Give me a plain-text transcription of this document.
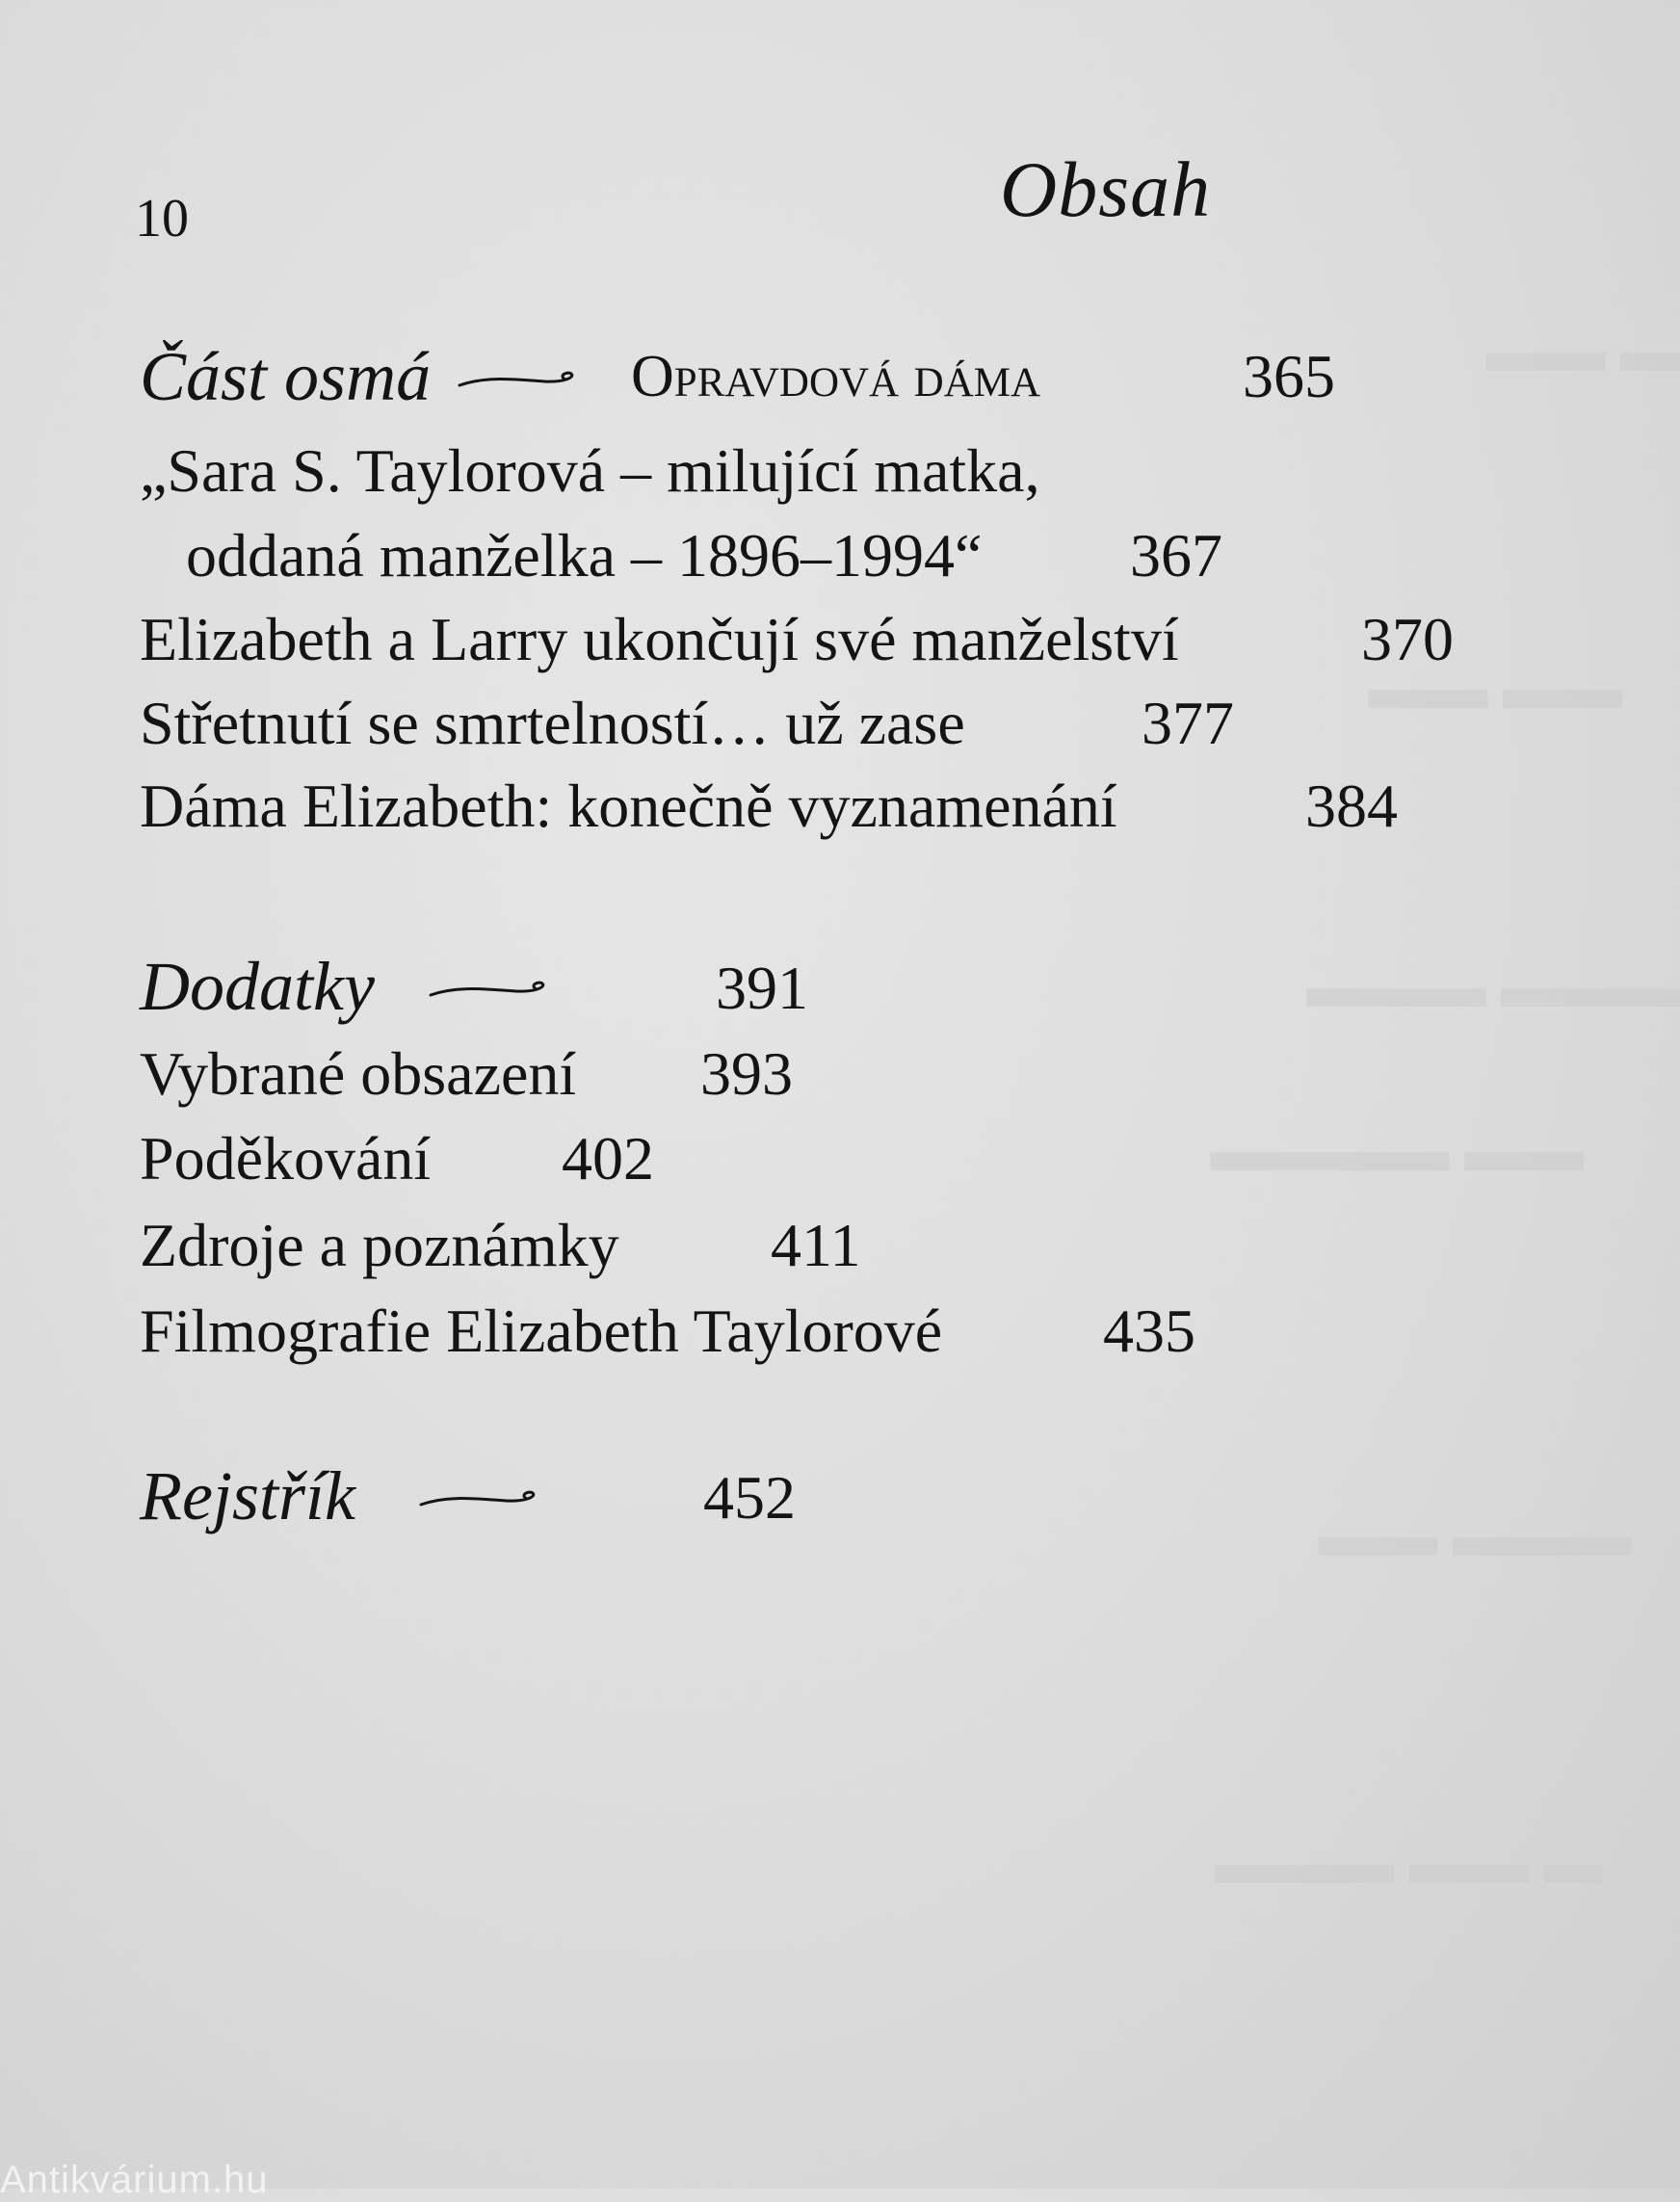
▬▬ ▬
▬▬ ▬▬
▬▬▬ ▬▬▬
▬▬▬▬ ▬▬
▬▬ ▬▬▬
▬▬▬ ▬▬ ▬
10	Obsah
Část osmá	Opravdová dáma	365
„Sara S. Taylorová – milující matka,
oddaná manželka – 1896–1994“ 367
Elizabeth a Larry ukončují své manželství	370
Střetnutí se smrtelností… už zase	377
Dáma Elizabeth: konečně vyznamenání	384
Dodatky	391
Vybrané obsazení 393
Poděkování 402
Zdroje a poznámky 411
Filmografie Elizabeth Taylorové	435
Rejstřík	452
Antikvárium.hu
